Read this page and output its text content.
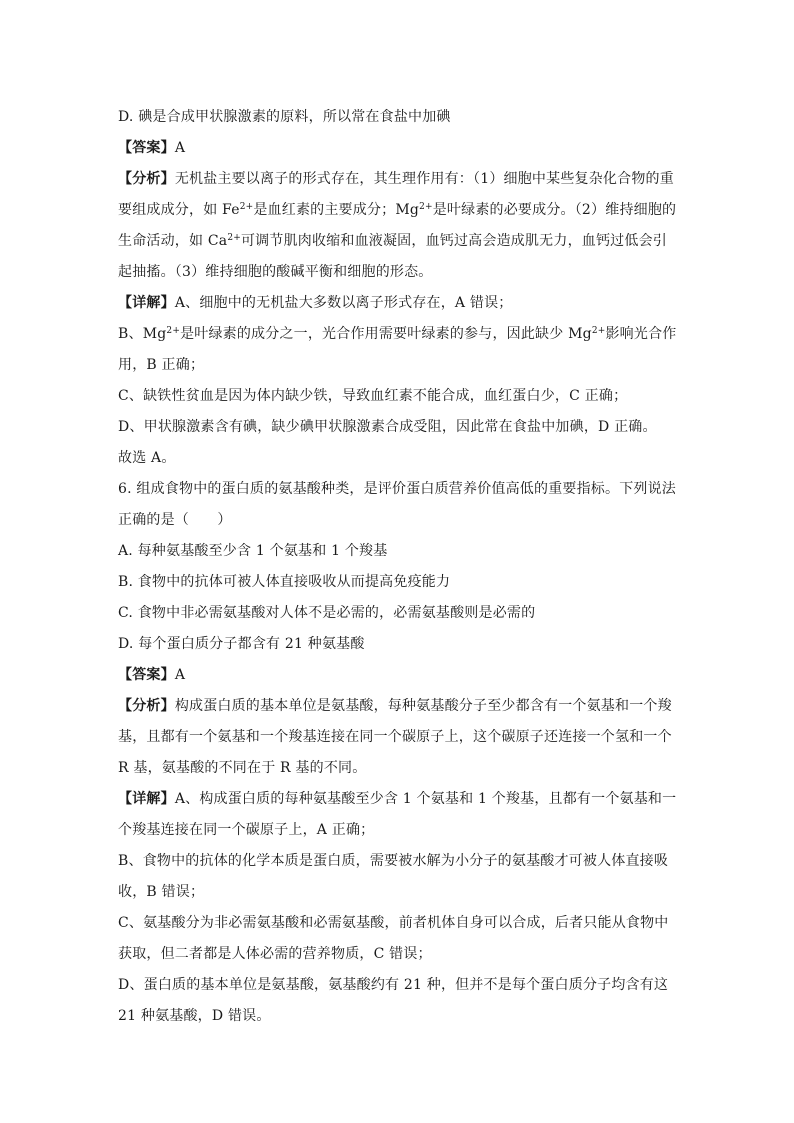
D. 碘是合成甲状腺激素的原料，所以常在食盐中加碘

【答案】A

【分析】无机盐主要以离子的形式存在，其生理作用有：（1）细胞中某些复杂化合物的重要组成成分，如 $Fe^{2+}$是血红素的主要成分；$Mg^{2+}$是叶绿素的必要成分。（2）维持细胞的生命活动，如 $Ca^{2+}$可调节肌肉收缩和血液凝固，血钙过高会造成肌无力，血钙过低会引起抽搐。（3）维持细胞的酸碱平衡和细胞的形态。

【详解】A、细胞中的无机盐大多数以离子形式存在，A 错误；

B、$Mg^{2+}$是叶绿素的成分之一，光合作用需要叶绿素的参与，因此缺少 $Mg^{2+}$影响光合作用，B 正确；

C、缺铁性贫血是因为体内缺少铁，导致血红素不能合成，血红蛋白少，C 正确；

D、甲状腺激素含有碘，缺少碘甲状腺激素合成受阻，因此常在食盐中加碘，D 正确。

故选 A。

6. 组成食物中的蛋白质的氨基酸种类，是评价蛋白质营养价值高低的重要指标。下列说法正确的是（　　）

A. 每种氨基酸至少含 1 个氨基和 1 个羧基

B. 食物中的抗体可被人体直接吸收从而提高免疫能力

C. 食物中非必需氨基酸对人体不是必需的，必需氨基酸则是必需的

D. 每个蛋白质分子都含有 21 种氨基酸

【答案】A

【分析】构成蛋白质的基本单位是氨基酸，每种氨基酸分子至少都含有一个氨基和一个羧基，且都有一个氨基和一个羧基连接在同一个碳原子上，这个碳原子还连接一个氢和一个 R 基，氨基酸的不同在于 R 基的不同。

【详解】A、构成蛋白质的每种氨基酸至少含 1 个氨基和 1 个羧基，且都有一个氨基和一个羧基连接在同一个碳原子上，A 正确；

B、食物中的抗体的化学本质是蛋白质，需要被水解为小分子的氨基酸才可被人体直接吸收，B 错误；

C、氨基酸分为非必需氨基酸和必需氨基酸，前者机体自身可以合成，后者只能从食物中获取，但二者都是人体必需的营养物质，C 错误；

D、蛋白质的基本单位是氨基酸，氨基酸约有 21 种，但并不是每个蛋白质分子均含有这 21 种氨基酸，D 错误。
